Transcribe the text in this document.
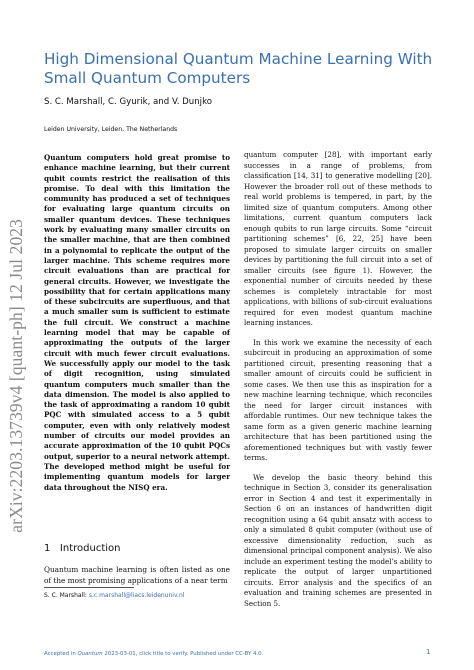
arXiv:2203.13739v4 [quant-ph] 12 Jul 2023
High Dimensional Quantum Machine Learning With Small Quantum Computers
S. C. Marshall, C. Gyurik, and V. Dunjko
Leiden University, Leiden, The Netherlands

Quantum computers hold great promise to enhance machine learning, but their current qubit counts restrict the realisation of this promise. To deal with this limitation the community has produced a set of techniques for evaluating large quantum circuits on smaller quantum devices. These techniques work by evaluating many smaller circuits on the smaller machine, that are then combined in a polynomial to replicate the output of the larger machine. This scheme requires more circuit evaluations than are practical for general circuits. However, we investigate the possibility that for certain applications many of these subcircuits are superfluous, and that a much smaller sum is sufficient to estimate the full circuit. We construct a machine learning model that may be capable of approximating the outputs of the larger circuit with much fewer circuit evaluations. We successfully apply our model to the task of digit recognition, using simulated quantum computers much smaller than the data dimension. The model is also applied to the task of approximating a random 10 qubit PQC with simulated access to a 5 qubit computer, even with only relatively modest number of circuits our model provides an accurate approximation of the 10 qubit PQCs output, superior to a neural network attempt. The developed method might be useful for implementing quantum models for larger data throughout the NISQ era.

1 Introduction

Quantum machine learning is often listed as one of the most promising applications of a near term

S. C. Marshall: s.c.marshall@liacs.leidenuniv.nl

quantum computer [28], with important early successes in a range of problems, from classification [14, 31] to generative modelling [20]. However the broader roll out of these methods to real world problems is tempered, in part, by the limited size of quantum computers. Among other limitations, current quantum computers lack enough qubits to run large circuits. Some “circuit partitioning schemes” [6, 22, 25] have been proposed to simulate larger circuits on smaller devices by partitioning the full circuit into a set of smaller circuits (see figure 1). However, the exponential number of circuits needed by these schemes is completely intractable for most applications, with billions of sub-circuit evaluations required for even modest quantum machine learning instances.

In this work we examine the necessity of each subcircuit in producing an approximation of some partitioned circuit, presenting reasoning that a smaller amount of circuits could be sufficient in some cases. We then use this as inspiration for a new machine learning technique, which reconciles the need for larger circuit instances with affordable runtimes. Our new technique takes the same form as a given generic machine learning architecture that has been partitioned using the aforementioned techniques but with vastly fewer terms.

We develop the basic theory behind this technique in Section 3, consider its generalisation error in Section 4 and test it experimentally in Section 6 on an instances of handwritten digit recognition using a 64 qubit ansatz with access to only a simulated 8 qubit computer (without use of excessive dimensionality reduction, such as dimensional principal component analysis). We also include an experiment testing the model’s ability to replicate the output of larger unpartitioned circuits. Error analysis and the specifics of an evaluation and training schemes are presented in Section 5.

Accepted in Quantum 2023-03-01, click title to verify. Published under CC-BY 4.0.	1
